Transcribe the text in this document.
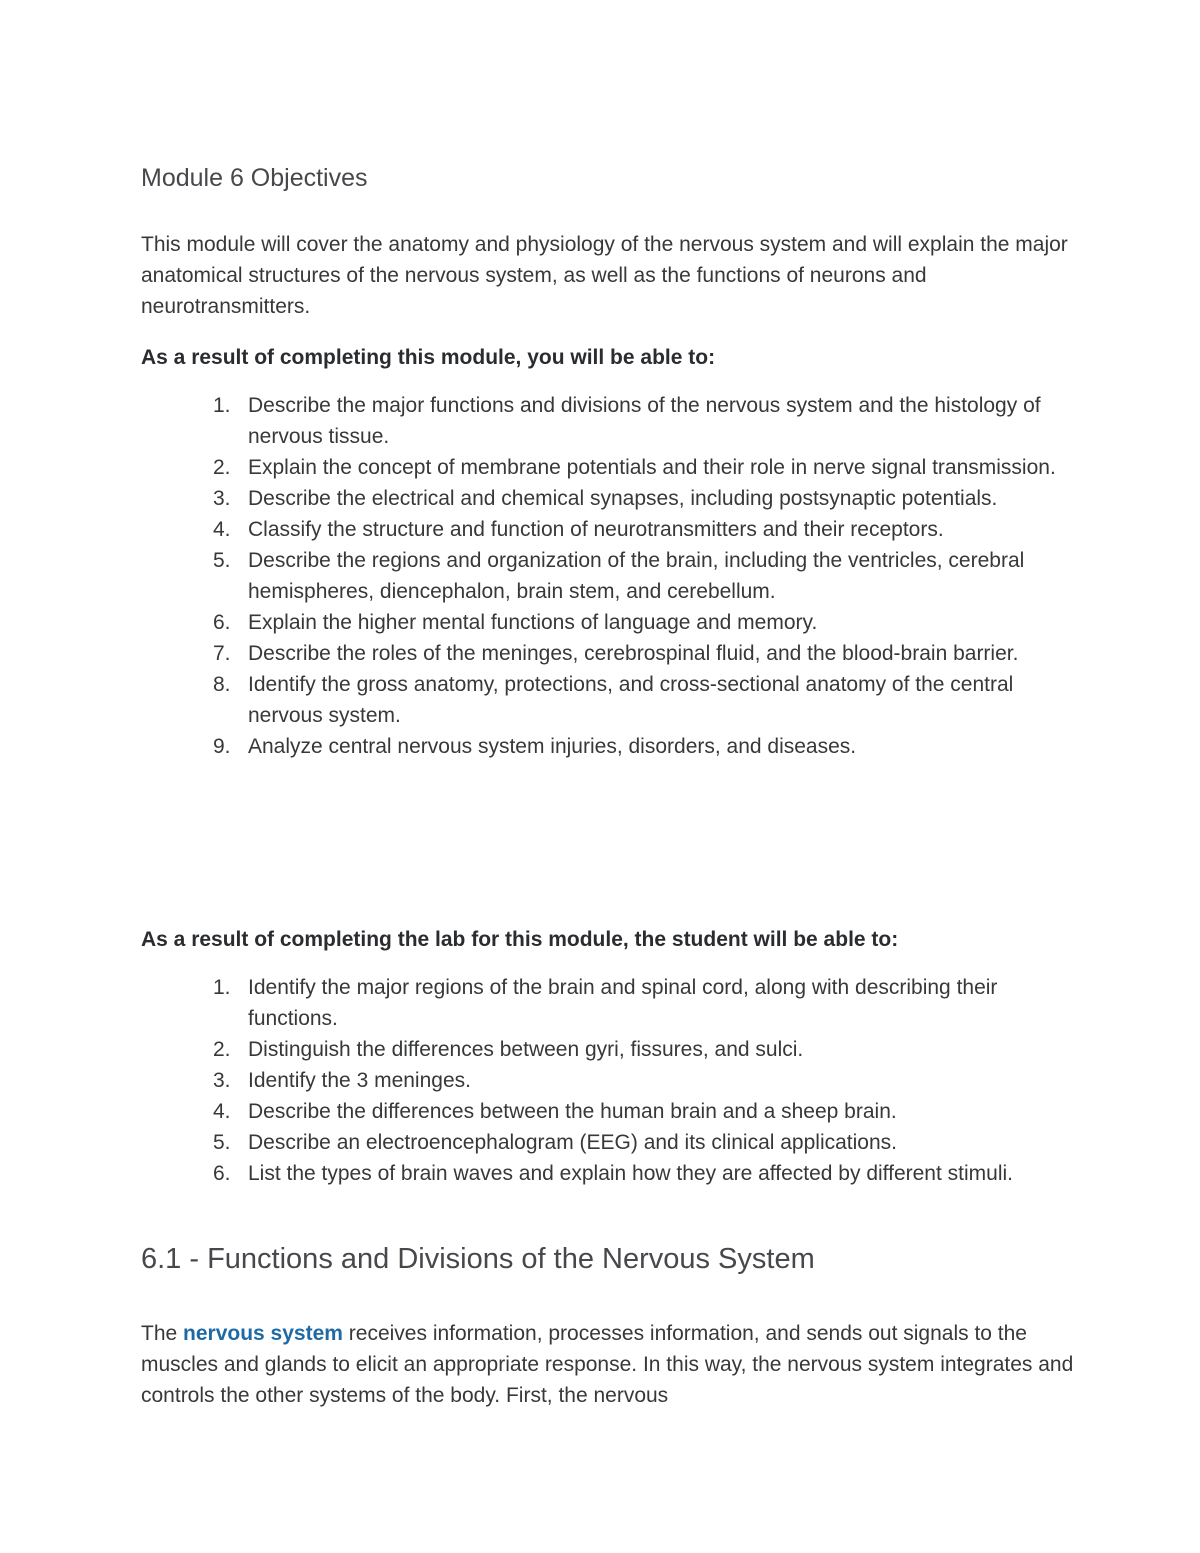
Module 6 Objectives

This module will cover the anatomy and physiology of the nervous system and will explain the major anatomical structures of the nervous system, as well as the functions of neurons and neurotransmitters.

As a result of completing this module, you will be able to:

1. Describe the major functions and divisions of the nervous system and the histology of nervous tissue.
2. Explain the concept of membrane potentials and their role in nerve signal transmission.
3. Describe the electrical and chemical synapses, including postsynaptic potentials.
4. Classify the structure and function of neurotransmitters and their receptors.
5. Describe the regions and organization of the brain, including the ventricles, cerebral hemispheres, diencephalon, brain stem, and cerebellum.
6. Explain the higher mental functions of language and memory.
7. Describe the roles of the meninges, cerebrospinal fluid, and the blood-brain barrier.
8. Identify the gross anatomy, protections, and cross-sectional anatomy of the central nervous system.
9. Analyze central nervous system injuries, disorders, and diseases.

As a result of completing the lab for this module, the student will be able to:

1. Identify the major regions of the brain and spinal cord, along with describing their functions.
2. Distinguish the differences between gyri, fissures, and sulci.
3. Identify the 3 meninges.
4. Describe the differences between the human brain and a sheep brain.
5. Describe an electroencephalogram (EEG) and its clinical applications.
6. List the types of brain waves and explain how they are affected by different stimuli.
6.1 - Functions and Divisions of the Nervous System

The nervous system receives information, processes information, and sends out signals to the muscles and glands to elicit an appropriate response. In this way, the nervous system integrates and controls the other systems of the body. First, the nervous
